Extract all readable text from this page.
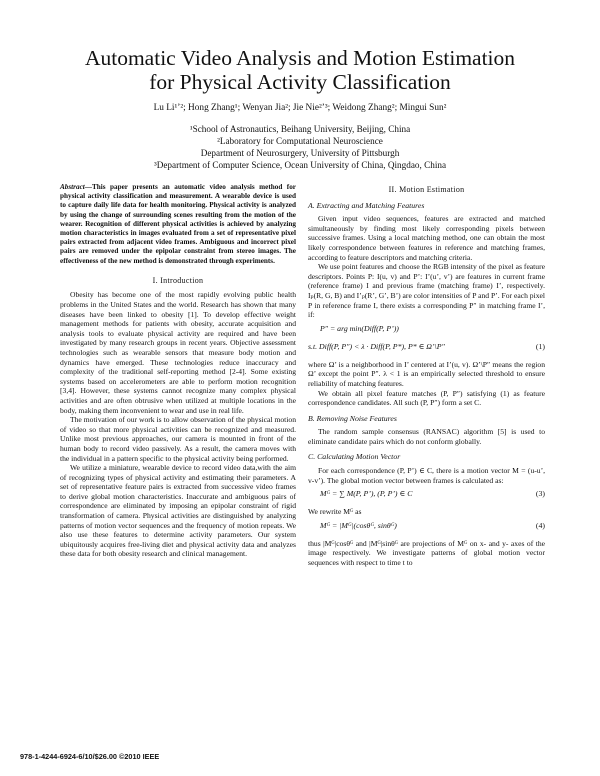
Automatic Video Analysis and Motion Estimation
for Physical Activity Classification
Lu Li¹ʼ²; Hong Zhang¹; Wenyan Jia²; Jie Nie²ʼ³; Weidong Zhang²; Mingui Sun²
¹School of Astronautics, Beihang University, Beijing, China
²Laboratory for Computational Neuroscience
Department of Neurosurgery, University of Pittsburgh
³Department of Computer Science, Ocean University of China, Qingdao, China
Abstract—This paper presents an automatic video analysis method for physical activity classification and measurement. A wearable device is used to capture daily life data for health monitoring. Physical activity is analyzed by using the change of surrounding scenes resulting from the motion of the wearer. Recognition of different physical activities is achieved by analyzing motion characteristics in images evaluated from a set of representative pixel pairs extracted from adjacent video frames. Ambiguous and incorrect pixel pairs are removed under the epipolar constraint from stereo images. The effectiveness of the new method is demonstrated through experiments.
I. Introduction

Obesity has become one of the most rapidly evolving public health problems in the United States and the world. Research has shown that many diseases have been linked to obesity [1]. To develop effective weight management methods for patients with obesity, accurate acquisition and analysis tools to evaluate physical activity are required and have been investigated by many research groups in recent years. Objective assessment technologies such as wearable sensors that measure body motion and dynamics have emerged. These technologies reduce inaccuracy and complexity of the traditional self-reporting method [2-4]. Some existing systems based on accelerometers are able to perform motion recognition [3,4]. However, these systems cannot recognize many complex physical activities and are often obtrusive when utilized at multiple locations in the body, making them inconvenient to wear and use in real life.

The motivation of our work is to allow observation of the physical motion of video so that more physical activities can be recognized and measured. Unlike most previous approaches, our camera is mounted in front of the human body to record video passively. As a result, the camera moves with the individual in a pattern specific to the physical activity being performed.

We utilize a miniature, wearable device to record video data,with the aim of recognizing types of physical activity and estimating their parameters. A set of representative feature pairs is extracted from successive video frames to derive global motion characteristics. Inaccurate and ambiguous pairs of correspondence are eliminated by imposing an epipolar constraint of rigid transformation of camera. Physical activities are distinguished by analyzing patterns of motion vector sequences and the frequency of motion repeats. We also use these features to determine activity parameters. Our system ubiquitously acquires free-living diet and physical activity data and analyzes these data for both obesity research and clinical management.

II. Motion Estimation
A. Extracting and Matching Features

Given input video sequences, features are extracted and matched simultaneously by finding most likely corresponding pixels between successive frames. Using a local matching method, one can obtain the most likely correspondence between features in reference and matching frames, according to feature descriptors and matching criteria.

We use point features and choose the RGB intensity of the pixel as feature descriptors. Points P: I(u, v) and P’: I’(u’, v’) are features in current frame (reference frame) I and previous frame (matching frame) I’, respectively. Iₚ(R, G, B) and I’ₚ(R’, G’, B’) are color intensities of P and P’. For each pixel P in reference frame I, there exists a corresponding P″ in matching frame I’, if:

P″ = arg min(Diff(P, P’))
s.t. Diff(P, P″) < λ · Diff(P, P*), P* ∈ Ω’\P″	(1)

where Ω’ is a neighborhood in I’ centered at I’(u, v). Ω’\P″ means the region Ω’ except the point P″. λ < 1 is an empirically selected threshold to ensure reliability of matching features.

We obtain all pixel feature matches (P, P″) satisfying (1) as feature correspondence candidates. All such (P, P″) form a set C.

B. Removing Noise Features

The random sample consensus (RANSAC) algorithm [5] is used to eliminate candidate pairs which do not conform globally.

C. Calculating Motion Vector

For each correspondence (P, P’) ∈ C, there is a motion vector M = (u-u’, v-v’). The global motion vector between frames is calculated as:

Mᴳ = ∑ M(P, P’), (P, P’) ∈ C	(3)

We rewrite Mᴳ as

Mᴳ = |Mᴳ|(cosθᴳ, sinθᴳ)	(4)

thus |Mᴳ|cosθᴳ and |Mᴳ|sinθᴳ are projections of Mᴳ on x- and y- axes of the image respectively. We investigate patterns of global motion vector sequences with respect to time t to

978-1-4244-6924-6/10/$26.00 ©2010 IEEE
